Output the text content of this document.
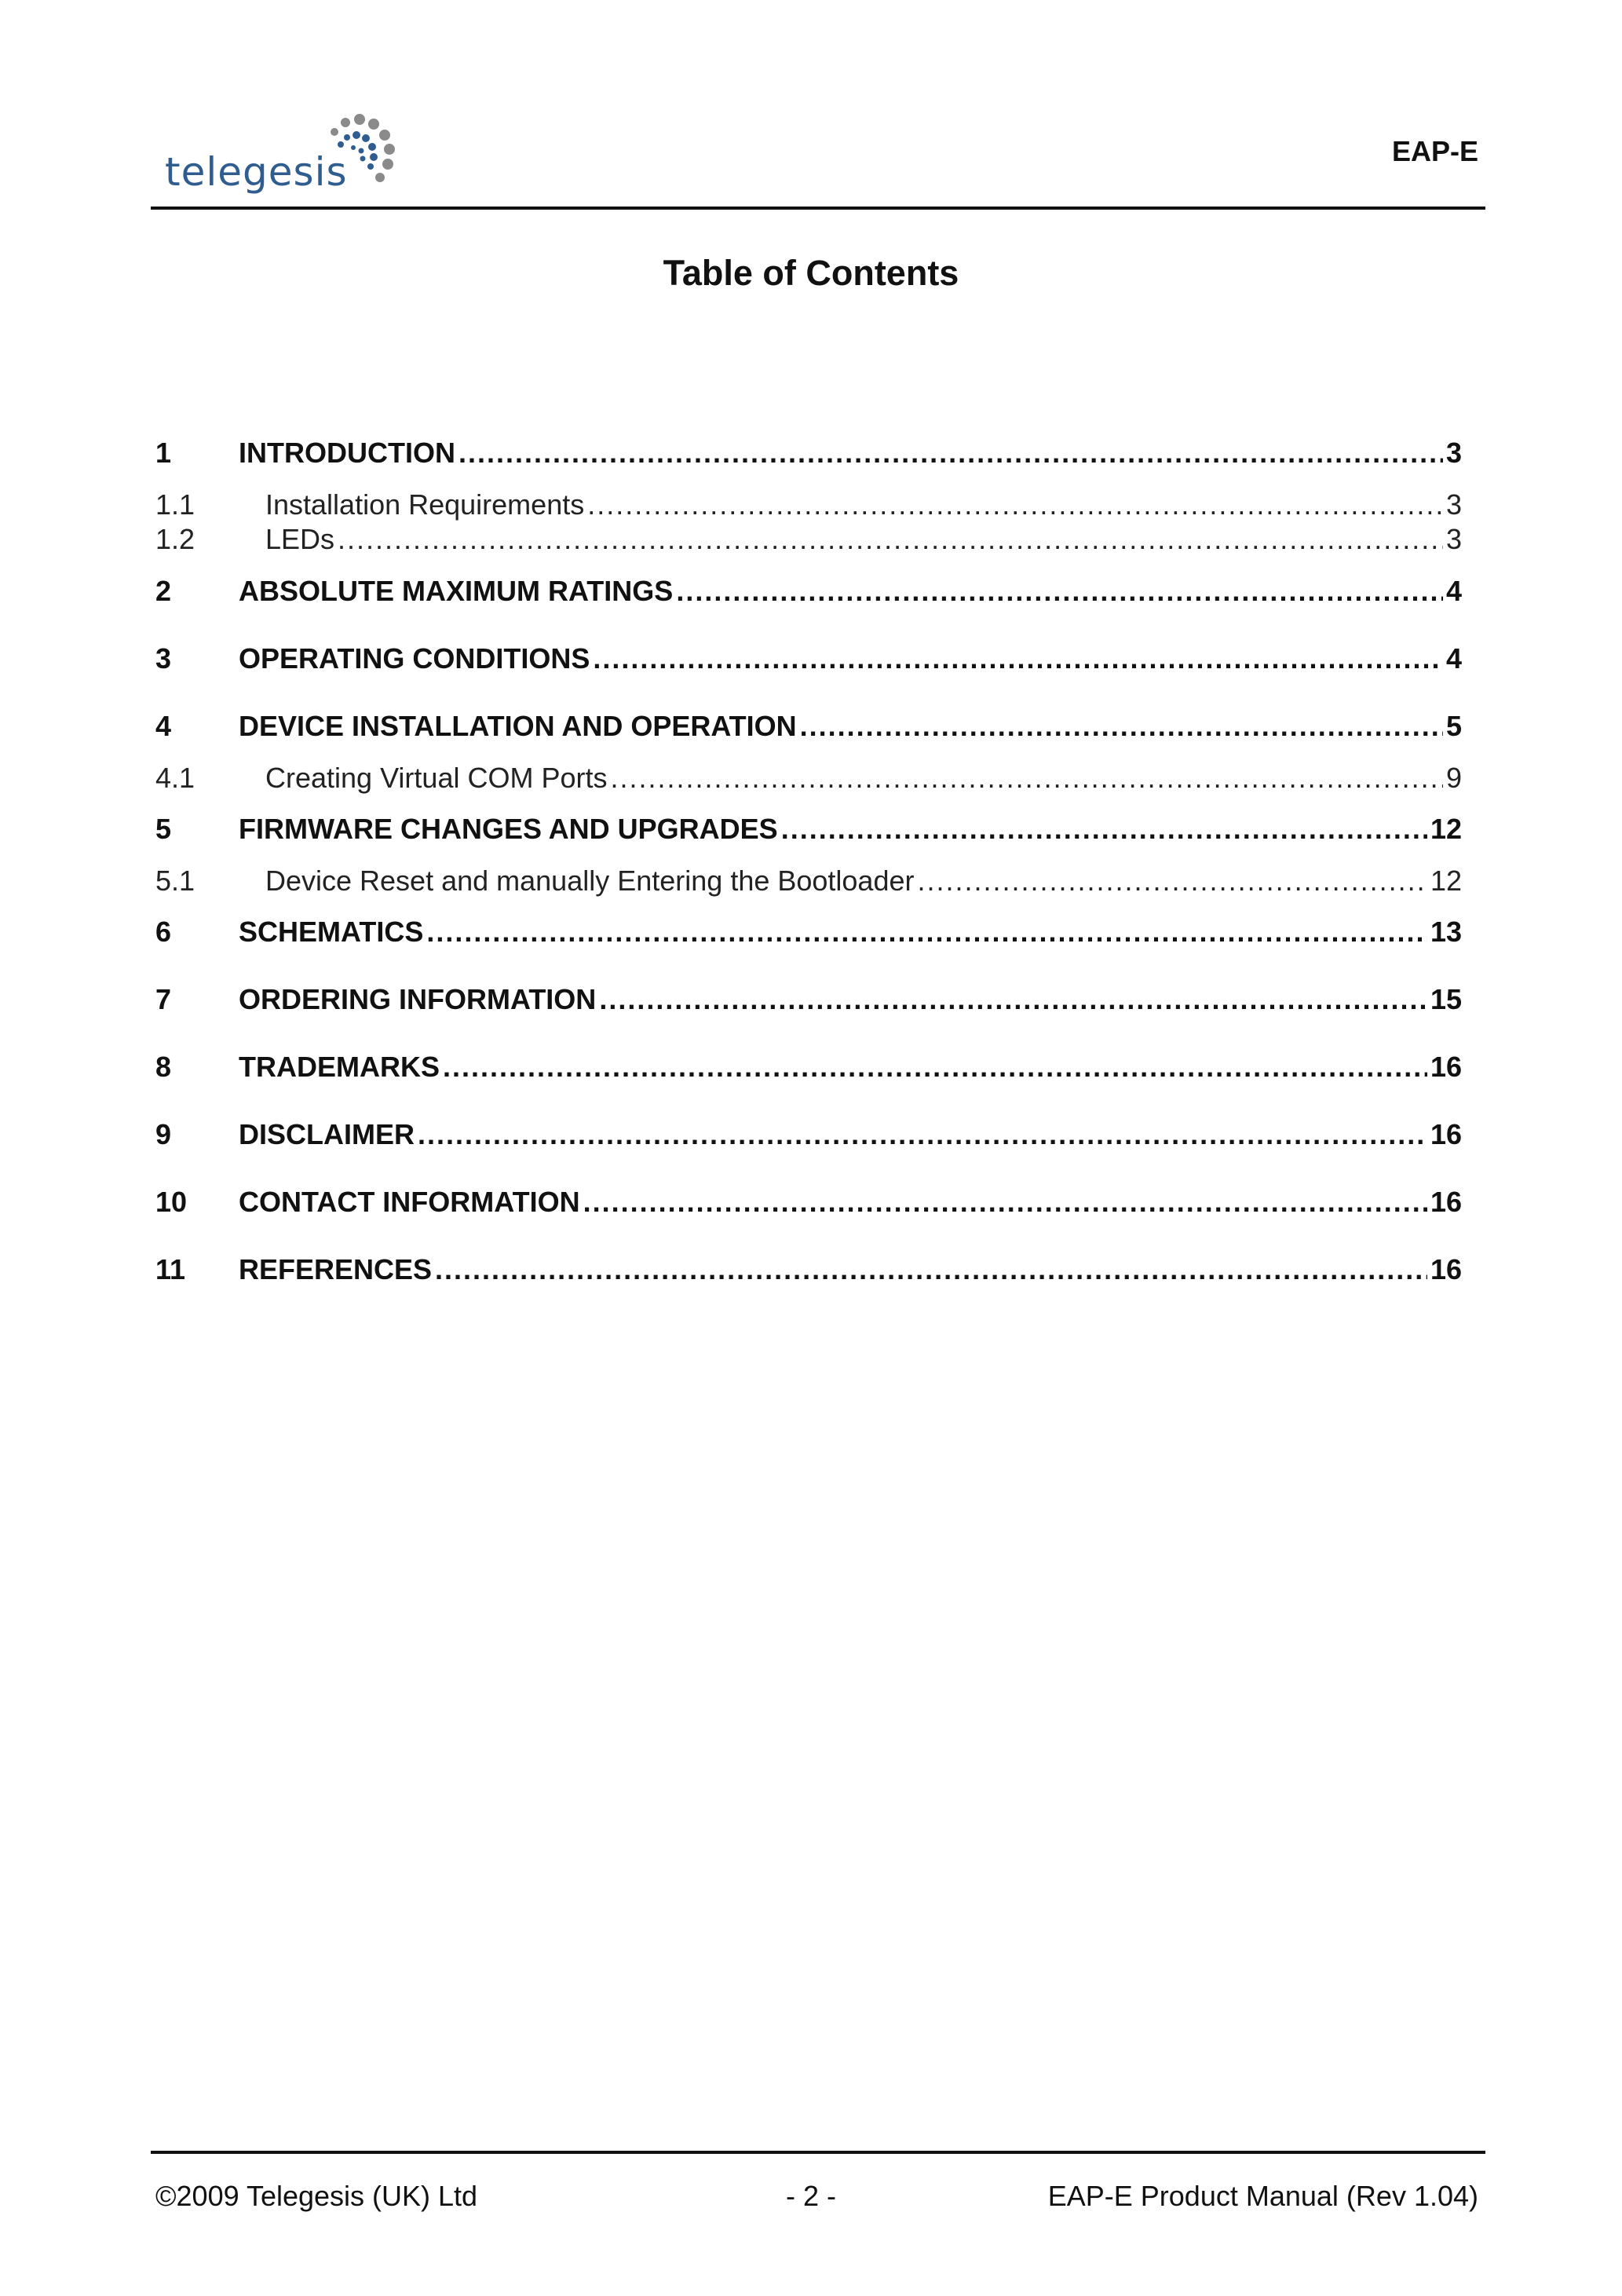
telegesis	EAP-E
Table of Contents
1	INTRODUCTION .....	3
1.1	Installation Requirements .....	3
1.2	LEDs .....	3
2	ABSOLUTE MAXIMUM RATINGS .....	4
3	OPERATING CONDITIONS .....	4
4	DEVICE INSTALLATION AND OPERATION .....	5
4.1	Creating Virtual COM Ports .....	9
5	FIRMWARE CHANGES AND UPGRADES .....	12
5.1	Device Reset and manually Entering the Bootloader .....	12
6	SCHEMATICS .....	13
7	ORDERING INFORMATION .....	15
8	TRADEMARKS .....	16
9	DISCLAIMER .....	16
10	CONTACT INFORMATION .....	16
11	REFERENCES .....	16
- 2 -
©2009 Telegesis (UK) Ltd	EAP-E Product Manual (Rev 1.04)
